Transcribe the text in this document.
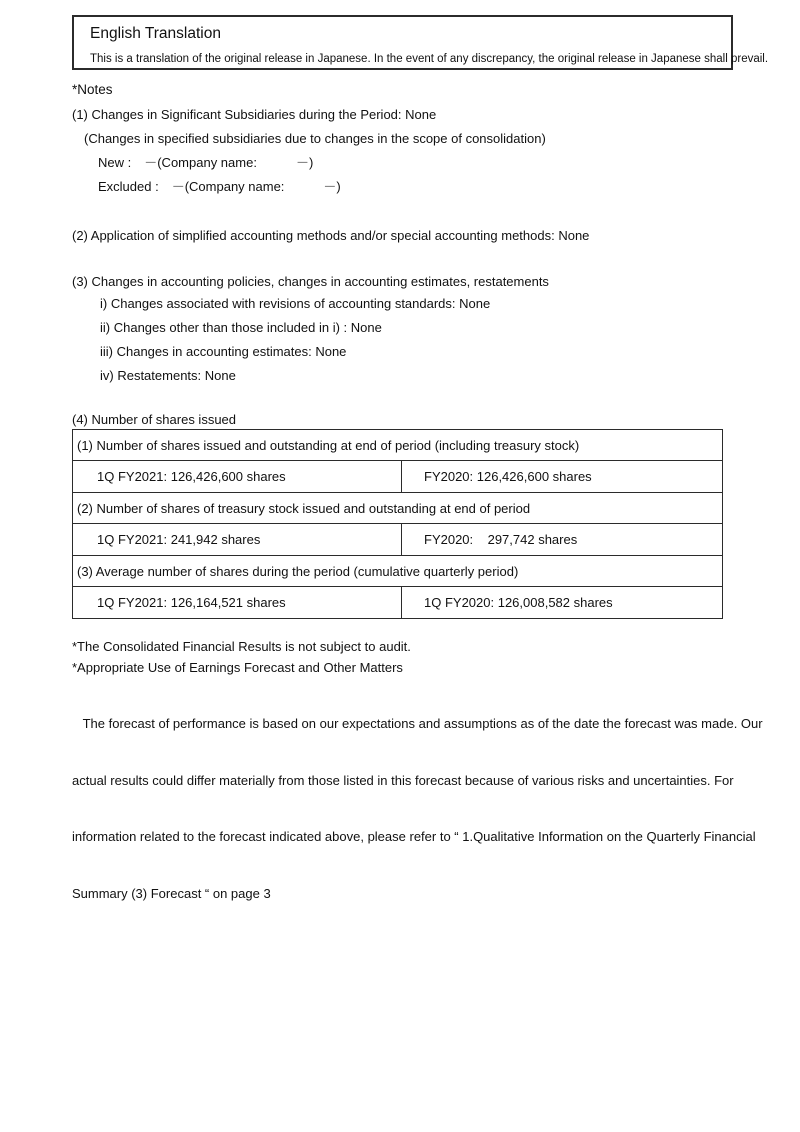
English Translation
This is a translation of the original release in Japanese. In the event of any discrepancy, the original release in Japanese shall prevail.
*Notes
(1) Changes in Significant Subsidiaries during the Period: None
(Changes in specified subsidiaries due to changes in the scope of consolidation)
New :　－(Company name:　　　－)
Excluded :　－(Company name:　　　－)
(2) Application of simplified accounting methods and/or special accounting methods: None
(3) Changes in accounting policies, changes in accounting estimates, restatements
i) Changes associated with revisions of accounting standards: None
ii) Changes other than those included in i) : None
iii) Changes in accounting estimates: None
iv) Restatements: None
(4) Number of shares issued
(1) Number of shares issued and outstanding at end of period (including treasury stock)
1Q FY2021: 126,426,600 shares	FY2020: 126,426,600 shares
(2) Number of shares of treasury stock issued and outstanding at end of period
1Q FY2021: 241,942 shares	FY2020:    297,742 shares
(3) Average number of shares during the period (cumulative quarterly period)
1Q FY2021: 126,164,521 shares	1Q FY2020: 126,008,582 shares
*The Consolidated Financial Results is not subject to audit.
*Appropriate Use of Earnings Forecast and Other Matters

The forecast of performance is based on our expectations and assumptions as of the date the forecast was made. Our

actual results could differ materially from those listed in this forecast because of various risks and uncertainties. For

information related to the forecast indicated above, please refer to “ 1.Qualitative Information on the Quarterly Financial

Summary (3) Forecast “ on page 3
